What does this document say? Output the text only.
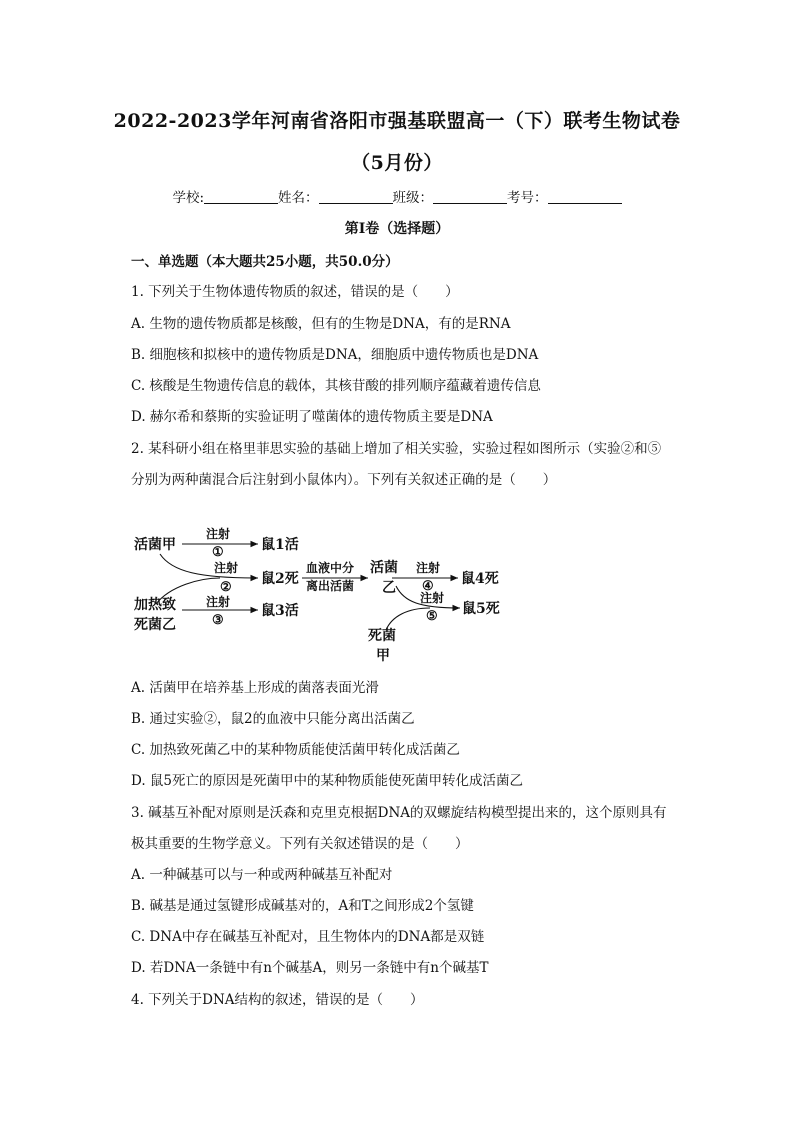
2022-2023学年河南省洛阳市强基联盟高一（下）联考生物试卷
（5月份）
学校:	姓名：	班级：	考号：
第I卷（选择题）
一、单选题（本大题共25小题，共50.0分）
1. 下列关于生物体遗传物质的叙述，错误的是（　　）
A. 生物的遗传物质都是核酸，但有的生物是DNA，有的是RNA
B. 细胞核和拟核中的遗传物质是DNA，细胞质中遗传物质也是DNA
C. 核酸是生物遗传信息的载体，其核苷酸的排列顺序蕴藏着遗传信息
D. 赫尔希和蔡斯的实验证明了噬菌体的遗传物质主要是DNA
2. 某科研小组在格里菲思实验的基础上增加了相关实验，实验过程如图所示（实验②和⑤
分别为两种菌混合后注射到小鼠体内）。下列有关叙述正确的是（　　）
活菌甲
注射
①	鼠1活
注射
②
鼠2死
血液中分
离出活菌
活菌
乙
注射
④ 鼠4死
注射
⑤ 鼠5死
加热致
死菌乙
注射
③
鼠3活
死菌
甲
A. 活菌甲在培养基上形成的菌落表面光滑
B. 通过实验②，鼠2的血液中只能分离出活菌乙
C. 加热致死菌乙中的某种物质能使活菌甲转化成活菌乙
D. 鼠5死亡的原因是死菌甲中的某种物质能使死菌甲转化成活菌乙
3. 碱基互补配对原则是沃森和克里克根据DNA的双螺旋结构模型提出来的，这个原则具有
极其重要的生物学意义。下列有关叙述错误的是（　　）
A. 一种碱基可以与一种或两种碱基互补配对
B. 碱基是通过氢键形成碱基对的，A和T之间形成2个氢键
C. DNA中存在碱基互补配对，且生物体内的DNA都是双链
D. 若DNA一条链中有n个碱基A，则另一条链中有n个碱基T
4. 下列关于DNA结构的叙述，错误的是（　　）
